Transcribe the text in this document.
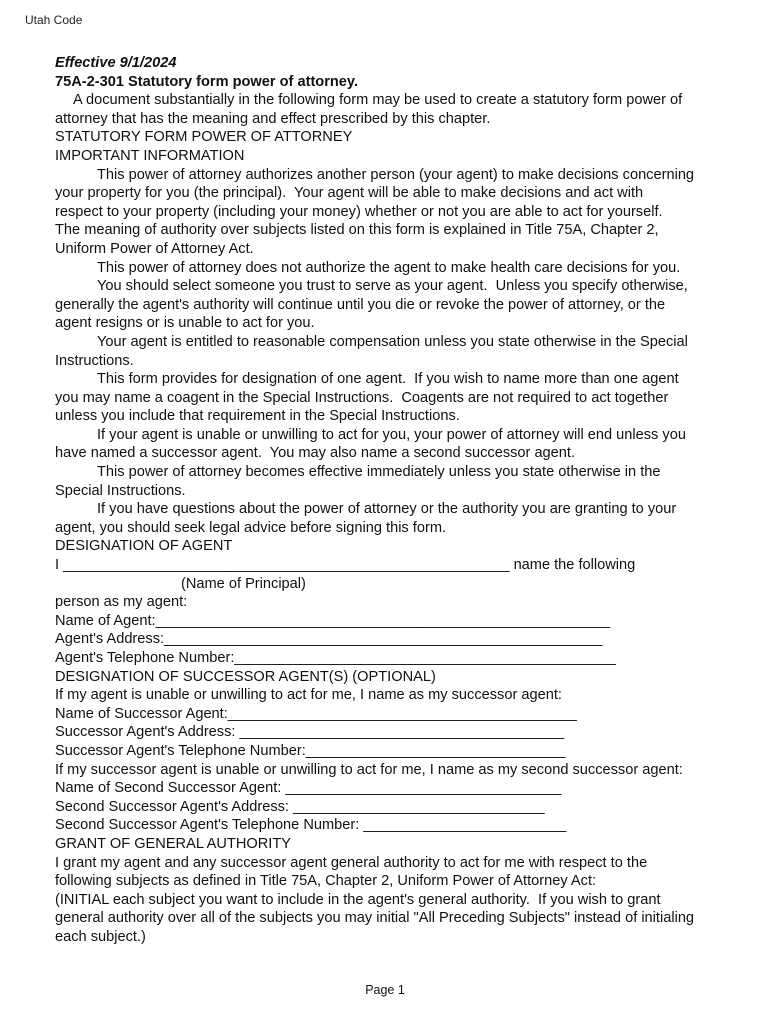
Utah Code
Effective 9/1/2024
75A-2-301 Statutory form power of attorney.
A document substantially in the following form may be used to create a statutory form power of
attorney that has the meaning and effect prescribed by this chapter.
STATUTORY FORM POWER OF ATTORNEY
IMPORTANT INFORMATION
This power of attorney authorizes another person (your agent) to make decisions concerning
your property for you (the principal).  Your agent will be able to make decisions and act with
respect to your property (including your money) whether or not you are able to act for yourself.
The meaning of authority over subjects listed on this form is explained in Title 75A, Chapter 2,
Uniform Power of Attorney Act.
This power of attorney does not authorize the agent to make health care decisions for you.
You should select someone you trust to serve as your agent.  Unless you specify otherwise,
generally the agent's authority will continue until you die or revoke the power of attorney, or the
agent resigns or is unable to act for you.
Your agent is entitled to reasonable compensation unless you state otherwise in the Special
Instructions.
This form provides for designation of one agent.  If you wish to name more than one agent
you may name a coagent in the Special Instructions.  Coagents are not required to act together
unless you include that requirement in the Special Instructions.
If your agent is unable or unwilling to act for you, your power of attorney will end unless you
have named a successor agent.  You may also name a second successor agent.
This power of attorney becomes effective immediately unless you state otherwise in the
Special Instructions.
If you have questions about the power of attorney or the authority you are granting to your
agent, you should seek legal advice before signing this form.
DESIGNATION OF AGENT
I _______________________________________________________ name the following
(Name of Principal)
person as my agent:
Name of Agent:________________________________________________________
Agent's Address:______________________________________________________
Agent's Telephone Number:_______________________________________________
DESIGNATION OF SUCCESSOR AGENT(S) (OPTIONAL)
If my agent is unable or unwilling to act for me, I name as my successor agent:
Name of Successor Agent:___________________________________________
Successor Agent's Address: ________________________________________
Successor Agent's Telephone Number:________________________________
If my successor agent is unable or unwilling to act for me, I name as my second successor agent:
Name of Second Successor Agent: __________________________________
Second Successor Agent's Address: _______________________________
Second Successor Agent's Telephone Number: _________________________
GRANT OF GENERAL AUTHORITY
I grant my agent and any successor agent general authority to act for me with respect to the
following subjects as defined in Title 75A, Chapter 2, Uniform Power of Attorney Act:
(INITIAL each subject you want to include in the agent's general authority.  If you wish to grant
general authority over all of the subjects you may initial "All Preceding Subjects" instead of initialing
each subject.)
Page 1
